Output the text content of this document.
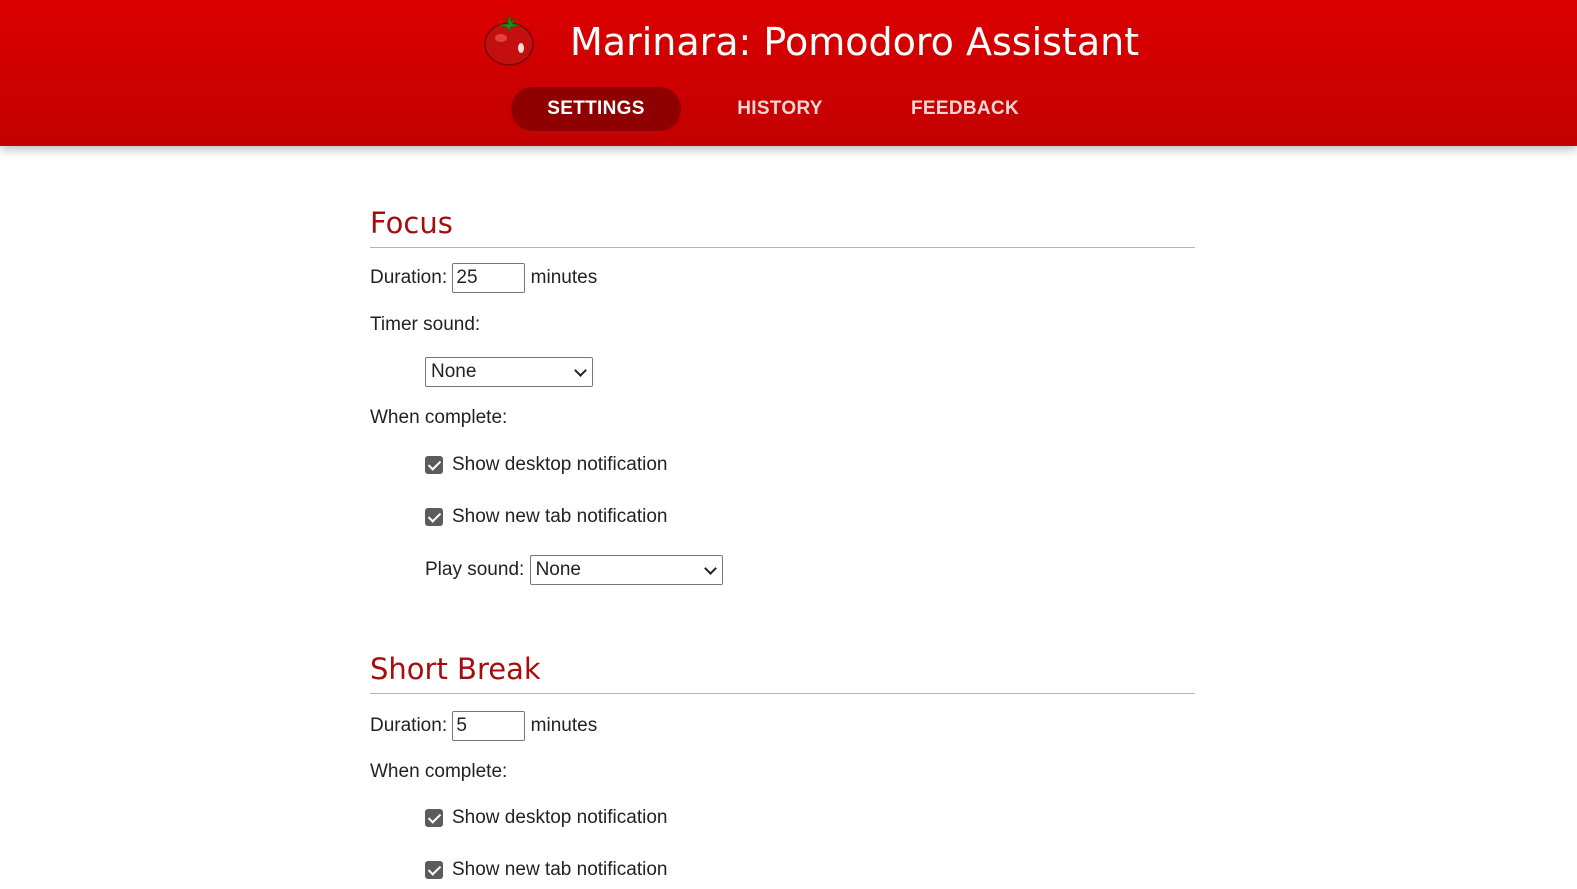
Marinara: Pomodoro Assistant
SETTINGS	HISTORY	FEEDBACK
Focus
Duration: 25	minutes
Timer sound:
None
When complete:
Show desktop notification
Show new tab notification
Play sound: None
Short Break
Duration: 5	minutes
When complete:
Show desktop notification
Show new tab notification
